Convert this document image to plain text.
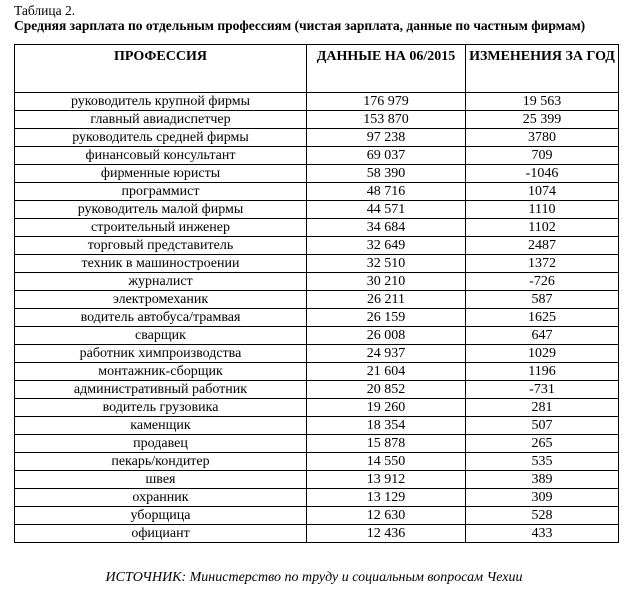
Таблица 2.
Средняя зарплата по отдельным профессиям (чистая зарплата, данные по частным фирмам)
ПРОФЕССИЯ	ДАННЫЕ НА 06/2015	ИЗМЕНЕНИЯ ЗА ГОД
руководитель крупной фирмы	176 979	19 563
главный авиадиспетчер	153 870	25 399
руководитель средней фирмы	97 238	3780
финансовый консультант	69 037	709
фирменные юристы	58 390	-1046
программист	48 716	1074
руководитель малой фирмы	44 571	1110
строительный инженер	34 684	1102
торговый представитель	32 649	2487
техник в машиностроении	32 510	1372
журналист	30 210	-726
электромеханик	26 211	587
водитель автобуса/трамвая	26 159	1625
сварщик	26 008	647
работник химпроизводства	24 937	1029
монтажник-сборщик	21 604	1196
административный работник	20 852	-731
водитель грузовика	19 260	281
каменщик	18 354	507
продавец	15 878	265
пекарь/кондитер	14 550	535
швея	13 912	389
охранник	13 129	309
уборщица	12 630	528
официант	12 436	433
ИСТОЧНИК: Министерство по труду и социальным вопросам Чехии
